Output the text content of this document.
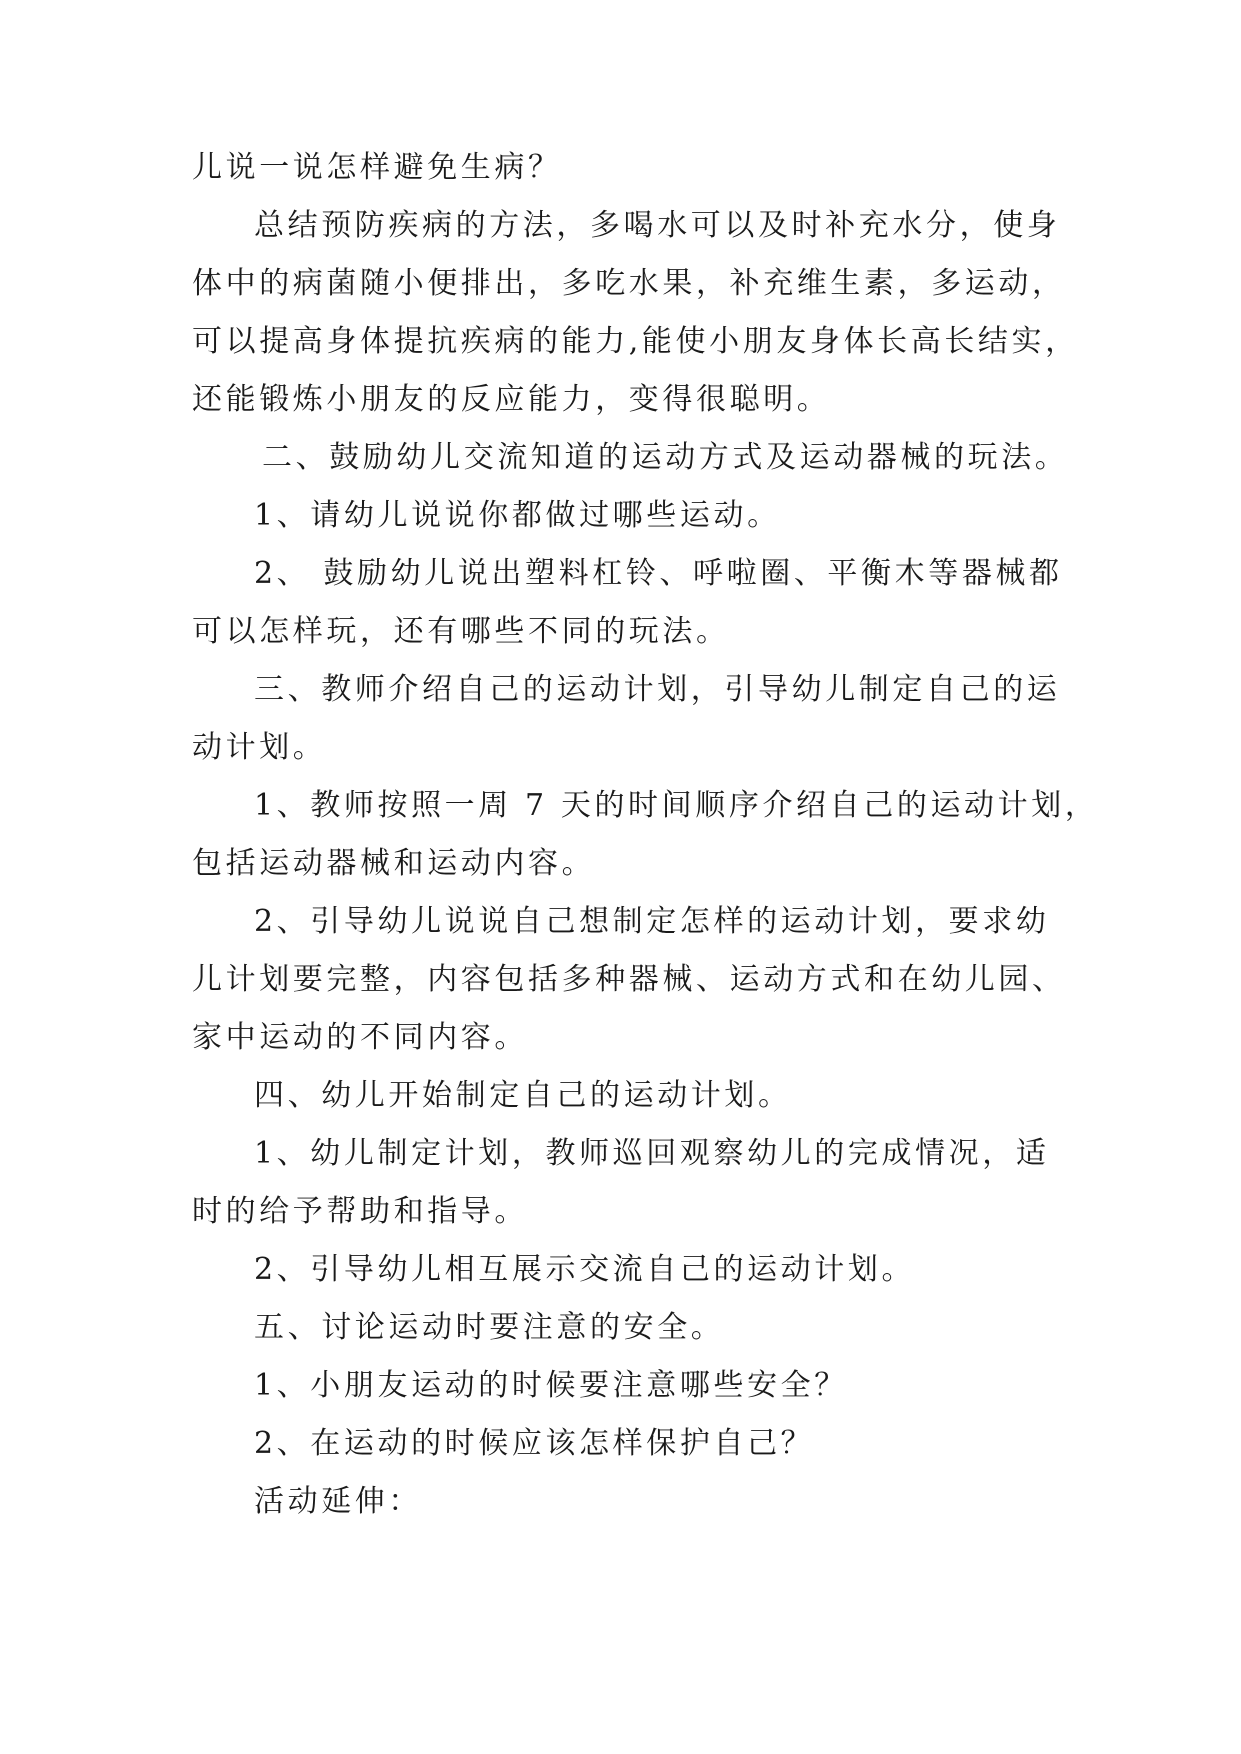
儿说一说怎样避免生病？
总结预防疾病的方法，多喝水可以及时补充水分，使身
体中的病菌随小便排出，多吃水果，补充维生素，多运动，
可以提高身体提抗疾病的能力,能使小朋友身体长高长结实，
还能锻炼小朋友的反应能力，变得很聪明。
二、鼓励幼儿交流知道的运动方式及运动器械的玩法。
1、请幼儿说说你都做过哪些运动。
2、 鼓励幼儿说出塑料杠铃、呼啦圈、平衡木等器械都
可以怎样玩，还有哪些不同的玩法。
三、教师介绍自己的运动计划，引导幼儿制定自己的运
动计划。
1、教师按照一周 7 天的时间顺序介绍自己的运动计划，
包括运动器械和运动内容。
2、引导幼儿说说自己想制定怎样的运动计划，要求幼
儿计划要完整，内容包括多种器械、运动方式和在幼儿园、
家中运动的不同内容。
四、幼儿开始制定自己的运动计划。
1、幼儿制定计划，教师巡回观察幼儿的完成情况，适
时的给予帮助和指导。
2、引导幼儿相互展示交流自己的运动计划。
五、讨论运动时要注意的安全。
1、小朋友运动的时候要注意哪些安全？
2、在运动的时候应该怎样保护自己？
活动延伸：
